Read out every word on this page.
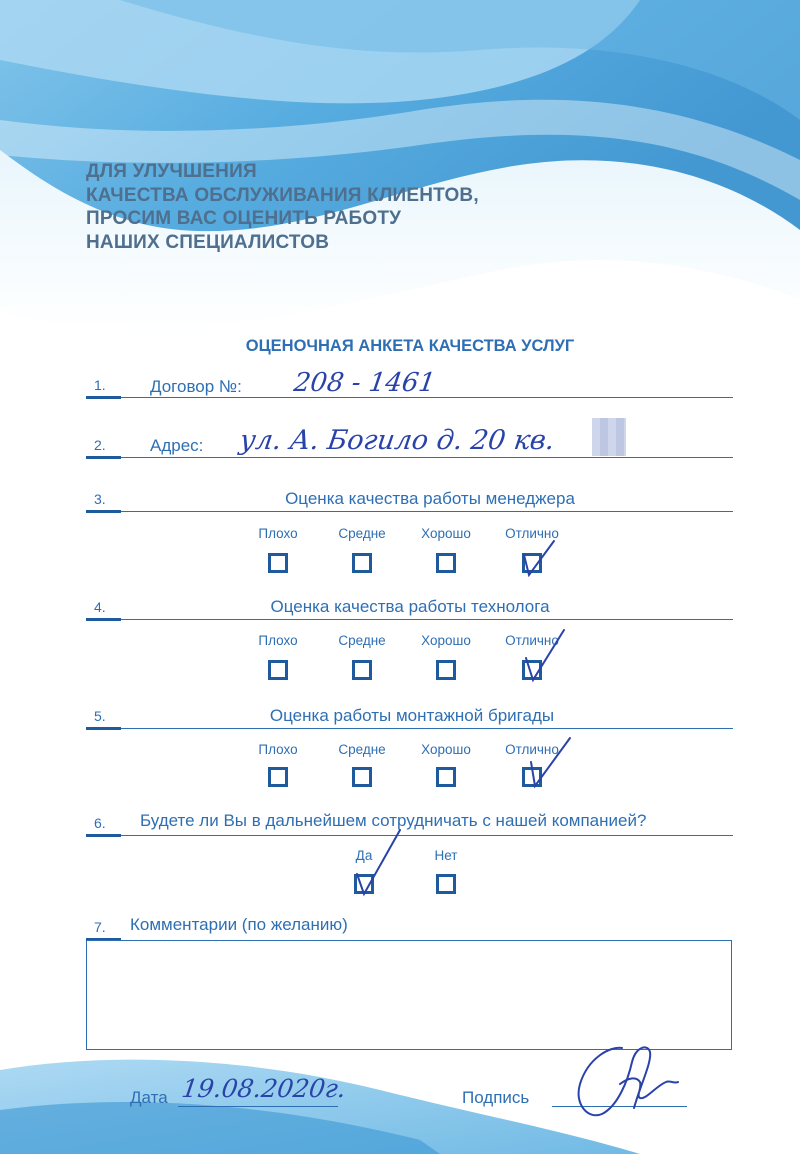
ДЛЯ УЛУЧШЕНИЯ
КАЧЕСТВА ОБСЛУЖИВАНИЯ КЛИЕНТОВ,
ПРОСИМ ВАС ОЦЕНИТЬ РАБОТУ
НАШИХ СПЕЦИАЛИСТОВ
ОЦЕНОЧНАЯ АНКЕТА КАЧЕСТВА УСЛУГ
1.	Договор №: 208 - 1461
2.	Адрес: ул. А. Богило д. 20 кв.
3.	Оценка качества работы менеджера
Плохо	Средне	Хорошо	Отлично
4.	Оценка качества работы технолога
Плохо	Средне	Хорошо	Отлично
5.	Оценка работы монтажной бригады
Плохо	Средне	Хорошо	Отлично
6. Будете ли Вы в дальнейшем сотрудничать с нашей компанией?
Да	Нет
7. Комментарии (по желанию)
Дата 19.08.2020г.	Подпись
